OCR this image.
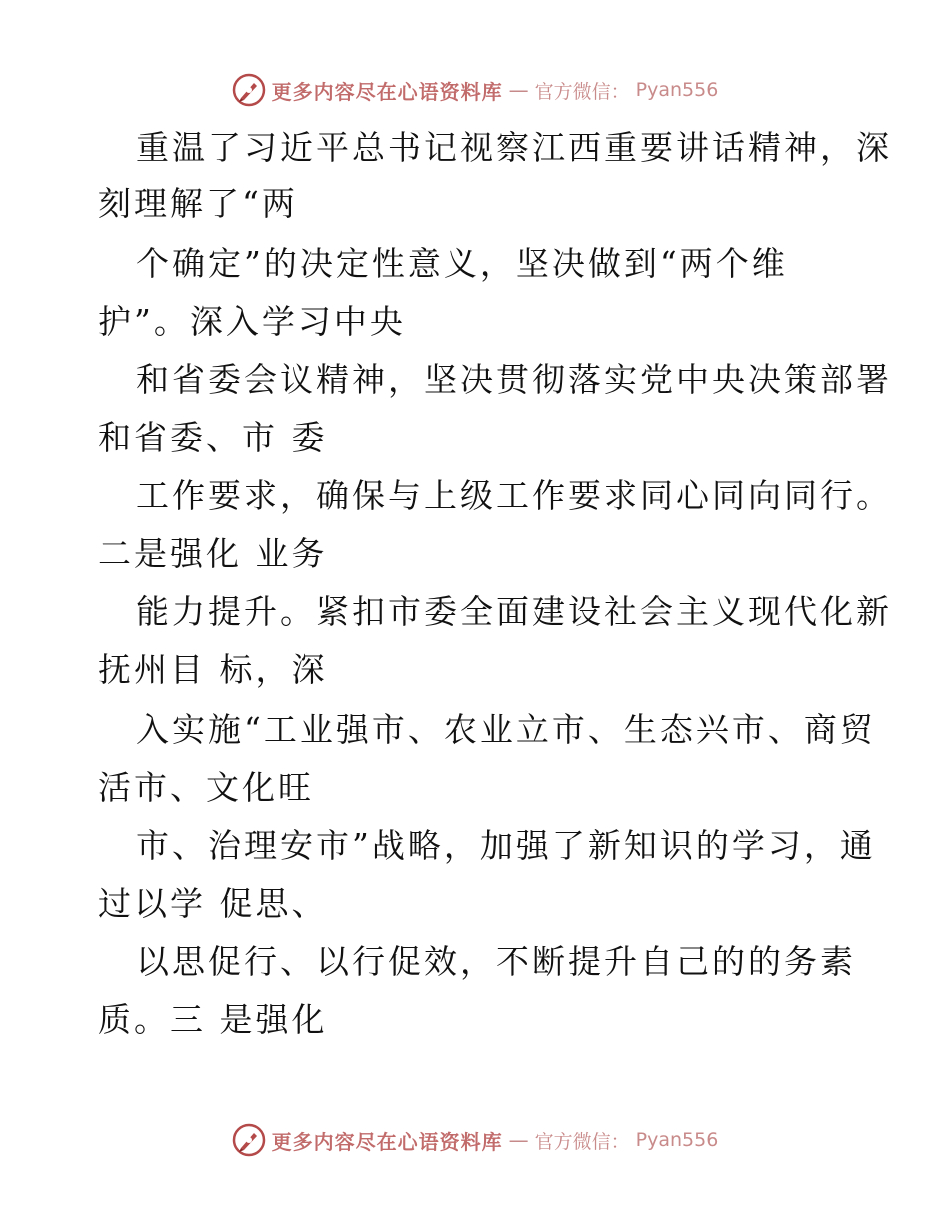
更多内容尽在心语资料库 — 官方微信： Pyan556
重温了习近平总书记视察江西重要讲话精神，深
刻理解了“两
个确定”的决定性意义，坚决做到“两个维
护”。深入学习中央
和省委会议精神，坚决贯彻落实党中央决策部署
和省委、市 委
工作要求，确保与上级工作要求同心同向同行。
二是强化 业务
能力提升。紧扣市委全面建设社会主义现代化新
抚州目 标，深
入实施“工业强市、农业立市、生态兴市、商贸
活市、文化旺
市、治理安市”战略，加强了新知识的学习，通
过以学 促思、
以思促行、以行促效，不断提升自己的的务素
质。三 是强化
更多内容尽在心语资料库 — 官方微信： Pyan556
